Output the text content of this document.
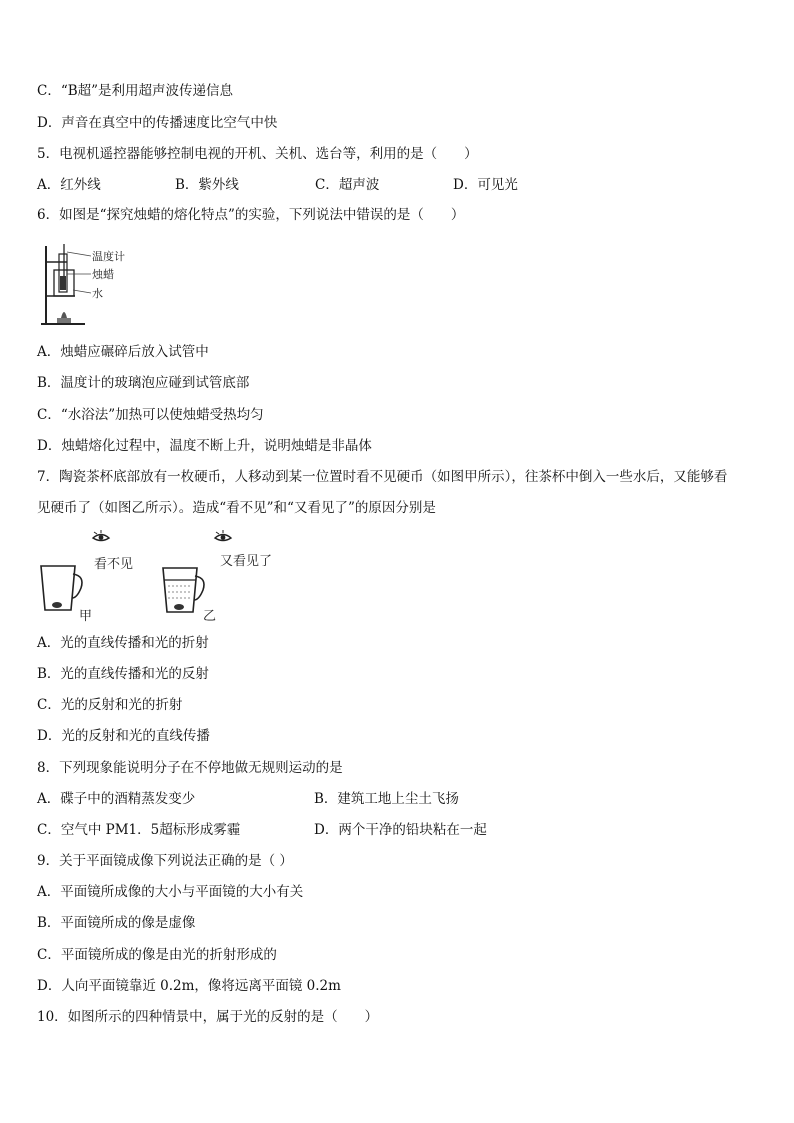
C．“B超”是利用超声波传递信息
D．声音在真空中的传播速度比空气中快
5．电视机遥控器能够控制电视的开机、关机、选台等，利用的是（　　）
A．红外线	B．紫外线	C．超声波	D．可见光
6．如图是“探究烛蜡的熔化特点”的实验，下列说法中错误的是（　　）
温度计
烛蜡
水
A．烛蜡应碾碎后放入试管中
B．温度计的玻璃泡应碰到试管底部
C．“水浴法”加热可以使烛蜡受热均匀
D．烛蜡熔化过程中，温度不断上升，说明烛蜡是非晶体
7．陶瓷茶杯底部放有一枚硬币，人移动到某一位置时看不见硬币（如图甲所示），往茶杯中倒入一些水后，又能够看
见硬币了（如图乙所示）。造成“看不见”和“又看见了”的原因分别是
看不见
甲
又看见了
乙
A．光的直线传播和光的折射
B．光的直线传播和光的反射
C．光的反射和光的折射
D．光的反射和光的直线传播
8．下列现象能说明分子在不停地做无规则运动的是
A．碟子中的酒精蒸发变少	B．建筑工地上尘土飞扬
C．空气中 PM1．5超标形成雾霾	D．两个干净的铅块粘在一起
9．关于平面镜成像下列说法正确的是（ ）
A．平面镜所成像的大小与平面镜的大小有关
B．平面镜所成的像是虚像
C．平面镜所成的像是由光的折射形成的
D．人向平面镜靠近 0.2m，像将远离平面镜 0.2m
10．如图所示的四种情景中，属于光的反射的是（　　）
